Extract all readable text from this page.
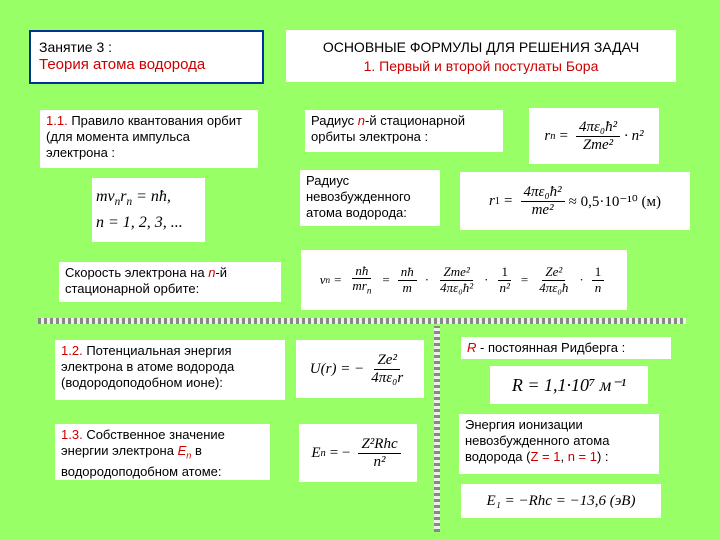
Занятие 3 :
Теория атома водорода
ОСНОВНЫЕ ФОРМУЛЫ ДЛЯ РЕШЕНИЯ ЗАДАЧ
1. Первый и второй постулаты Бора
1.1. Правило квантования орбит (для момента импульса электрона :
$mv_nr_n$ = nħ,
n = 1, 2, 3, ...
Радиус n-й стационарной орбиты электрона :	r $n = \frac{\text{4πε₀ħ²}}{\text{Zme²}} \cdot n^2$
Радиус невозбужденного атома водорода:
r $1 = \frac{\text{4πε₀ħ²}}{\text{me²}} \approx 0,5\cdot 10^{-10}$ (м)
Скорость электрона на n-й стационарной орбите:
v $n = \frac{nħ}{mr_n} = \frac{nħ}{m} \cdot \frac{\text{Zme²}}{\text{4πε₀ħ²}} \cdot \frac{1}{\text{n²}} = \frac{\text{Ze²}}{\text{4πε₀ħ}} \cdot \frac{1}{n}$
1.2. Потенциальная энергия электрона в атоме водорода (водородоподобном ионе):
U(r) = − $\frac{\text{Ze²}}{\text{4πε₀r}}$
R - постоянная Ридберга :
R = 1,1·10⁷ м⁻¹
1.3. Собственное значение энергии электрона $E_n$ в водородоподобном атоме:
E n = − $\frac{\text{Z²Rhc}}{\text{n²}}$
Энергия ионизации невозбужденного атома водорода (Z = 1, n = 1) :
E₁ = −Rhc = −13,6 (эВ)
